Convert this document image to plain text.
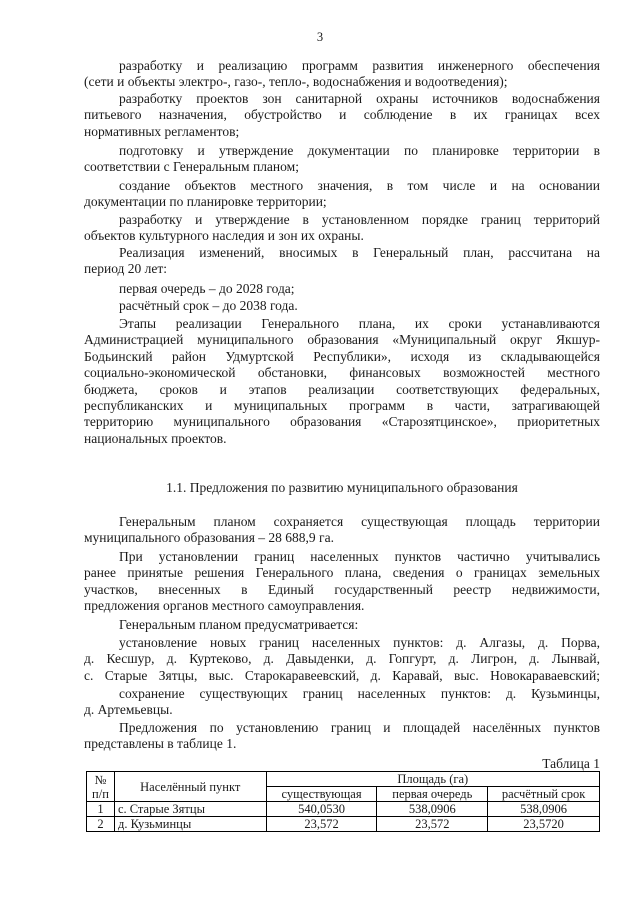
3

разработку и реализацию программ развития инженерного обеспечения
(сети и объекты электро-, газо-, тепло-, водоснабжения и водоотведения);

разработку проектов зон санитарной охраны источников водоснабжения
питьевого назначения, обустройство и соблюдение в их границах всех
нормативных регламентов;

подготовку и утверждение документации по планировке территории в
соответствии с Генеральным планом;

создание объектов местного значения, в том числе и на основании
документации по планировке территории;

разработку и утверждение в установленном порядке границ территорий
объектов культурного наследия и зон их охраны.

Реализация изменений, вносимых в Генеральный план, рассчитана на
период 20 лет:

первая очередь – до 2028 года;

расчётный срок – до 2038 года.

Этапы реализации Генерального плана, их сроки устанавливаются
Администрацией муниципального образования «Муниципальный округ Якшур-
Бодьинский район Удмуртской Республики», исходя из складывающейся
социально-экономической обстановки, финансовых возможностей местного
бюджета, сроков и этапов реализации соответствующих федеральных,
республиканских и муниципальных программ в части, затрагивающей
территорию муниципального образования «Старозятцинское», приоритетных
национальных проектов.

1.1. Предложения по развитию муниципального образования

Генеральным планом сохраняется существующая площадь территории
муниципального образования – 28 688,9 га.

При установлении границ населенных пунктов частично учитывались
ранее принятые решения Генерального плана, сведения о границах земельных
участков, внесенных в Единый государственный реестр недвижимости,
предложения органов местного самоуправления.

Генеральным планом предусматривается:

установление новых границ населенных пунктов: д. Алгазы, д. Порва,
д. Кесшур, д. Куртеково, д. Давыденки, д. Гопгурт, д. Лигрон, д. Лынвай,
с. Старые Зятцы, выс. Старокаравеевский, д. Каравай, выс. Новокараваевский;

сохранение существующих границ населенных пунктов: д. Кузьминцы,
д. Артемьевцы.

Предложения по установлению границ и площадей населённых пунктов
представлены в таблице 1.

Таблица 1
№ п/п	Населённый пункт	Площадь (га)		
		существующая	первая очередь	расчётный срок
1	с. Старые Зятцы	540,0530	538,0906	538,0906
2	д. Кузьминцы	23,572	23,572	23,5720
